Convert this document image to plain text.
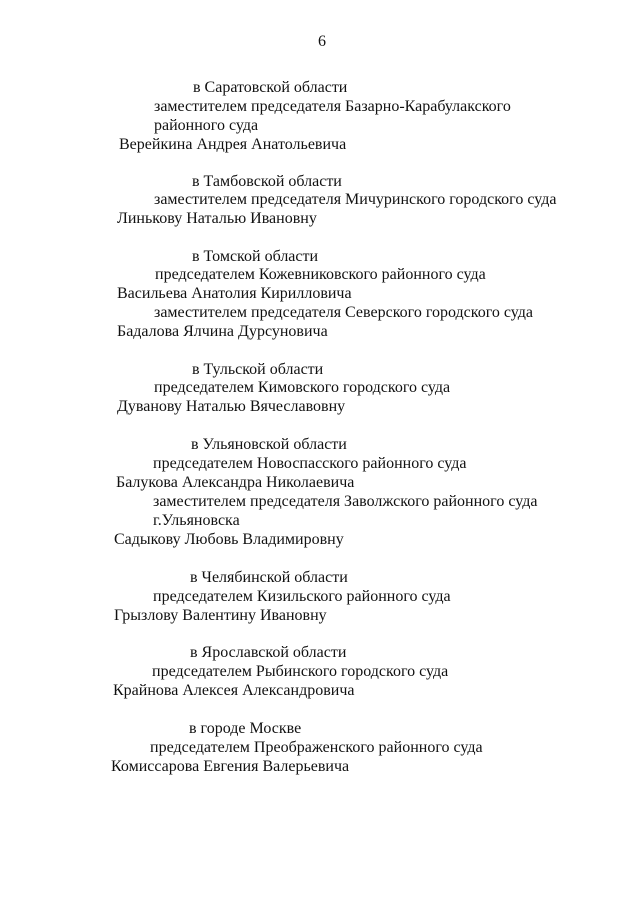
6
в Саратовской области
заместителем председателя Базарно-Карабулакского
районного суда
Верейкина Андрея Анатольевича
в Тамбовской области
заместителем председателя Мичуринского городского суда
Линькову Наталью Ивановну
в Томской области
председателем Кожевниковского районного суда
Васильева Анатолия Кирилловича
заместителем председателя Северского городского суда
Бадалова Ялчина Дурсуновича
в Тульской области
председателем Кимовского городского суда
Дуванову Наталью Вячеславовну
в Ульяновской области
председателем Новоспасского районного суда
Балукова Александра Николаевича
заместителем председателя Заволжского районного суда
г.Ульяновска
Садыкову Любовь Владимировну
в Челябинской области
председателем Кизильского районного суда
Грызлову Валентину Ивановну
в Ярославской области
председателем Рыбинского городского суда
Крайнова Алексея Александровича
в городе Москве
председателем Преображенского районного суда
Комиссарова Евгения Валерьевича
